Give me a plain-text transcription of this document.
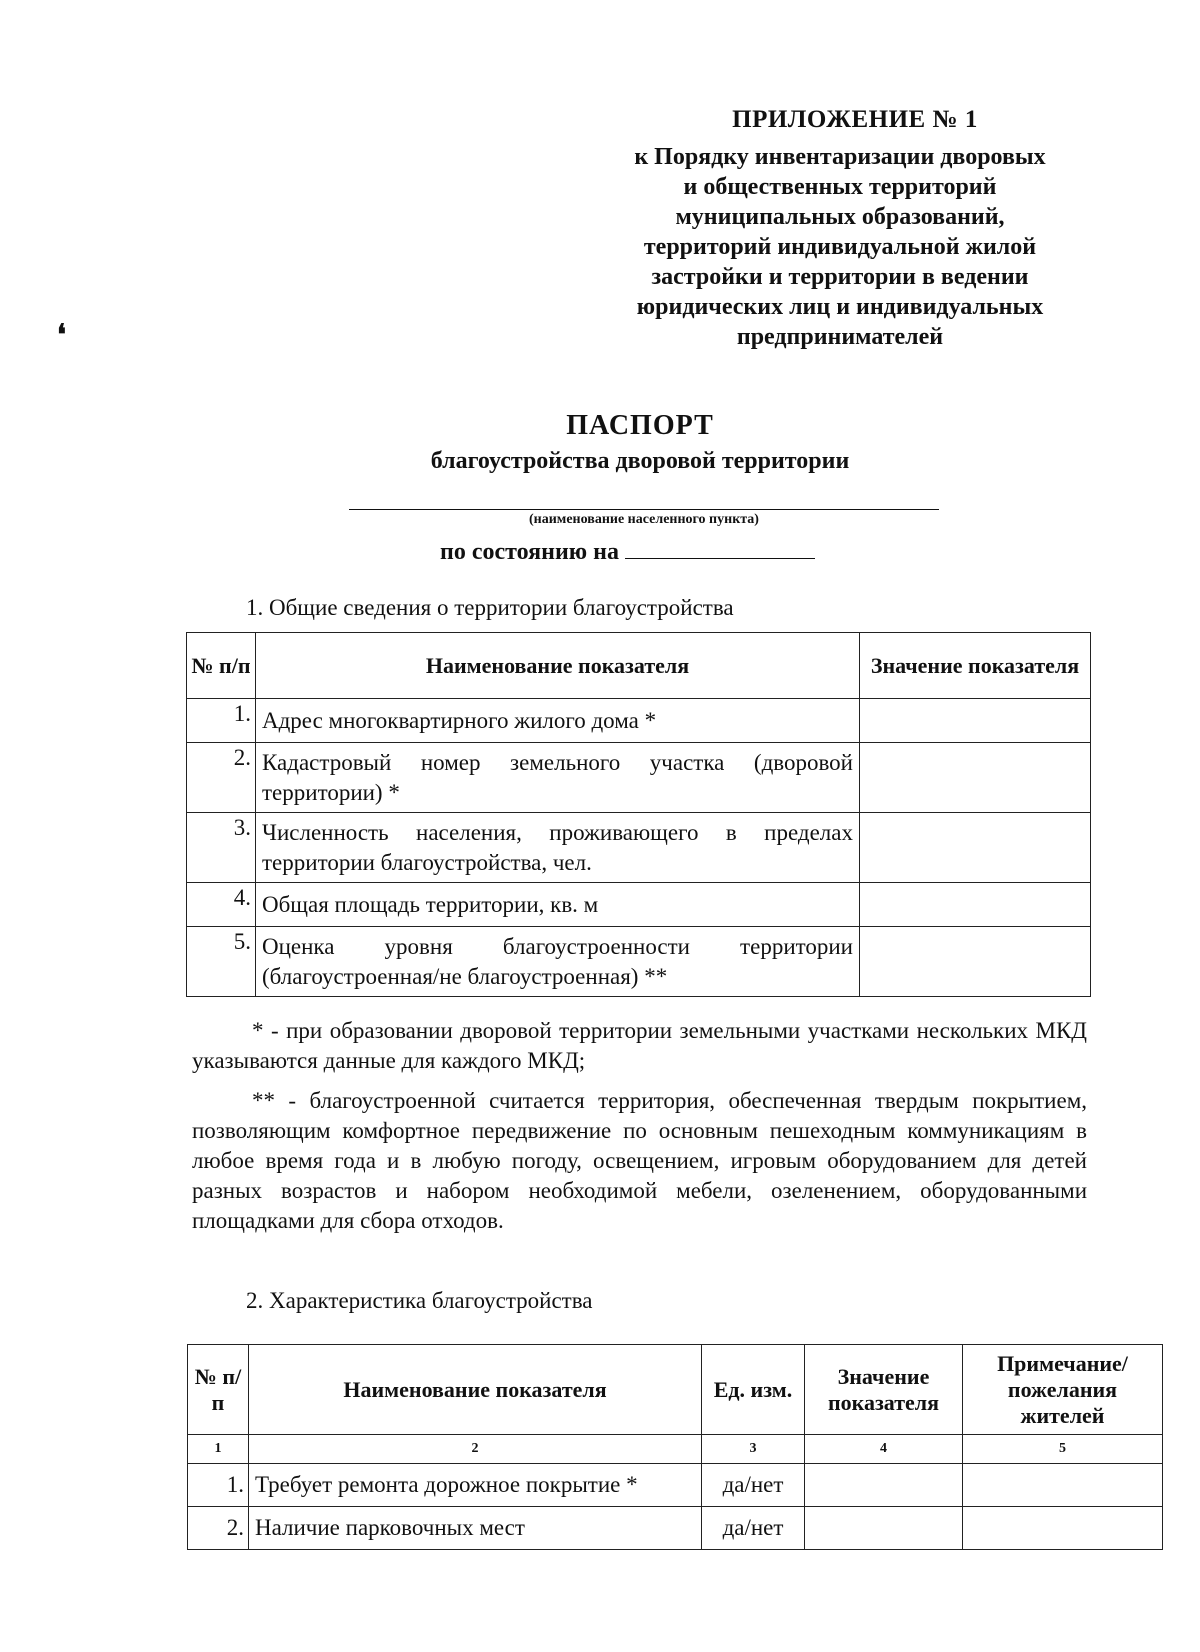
ПРИЛОЖЕНИЕ № 1
к Порядку инвентаризации дворовых
и общественных территорий
муниципальных образований,
территорий индивидуальной жилой
застройки и территории в ведении
юридических лиц и индивидуальных
предпринимателей
❛
ПАСПОРТ
благоустройства дворовой территории
(наименование населенного пункта)
по состоянию на
1. Общие сведения о территории благоустройства
№ п/п	Наименование показателя	Значение показателя
1.	Адрес многоквартирного жилого дома *	
2.	Кадастровый номер земельного участка (дворовой территории) *	
3.	Численность населения, проживающего в пределах территории благоустройства, чел.	
4.	Общая площадь территории, кв. м	
5.	Оценка уровня благоустроенности территории (благоустроенная/не благоустроенная) **	
* - при образовании дворовой территории земельными участками нескольких МКД указываются данные для каждого МКД;
** - благоустроенной считается территория, обеспеченная твердым покрытием, позволяющим комфортное передвижение по основным пешеходным коммуникациям в любое время года и в любую погоду, освещением, игровым оборудованием для детей разных возрастов и набором необходимой мебели, озеленением, оборудованными площадками для сбора отходов.
2. Характеристика благоустройства
№ п/п	Наименование показателя	Ед. изм.	Значение показателя	Примечание/ пожелания жителей
1	2	3	4	5
1.	Требует ремонта дорожное покрытие *	да/нет		
2.	Наличие парковочных мест	да/нет		
